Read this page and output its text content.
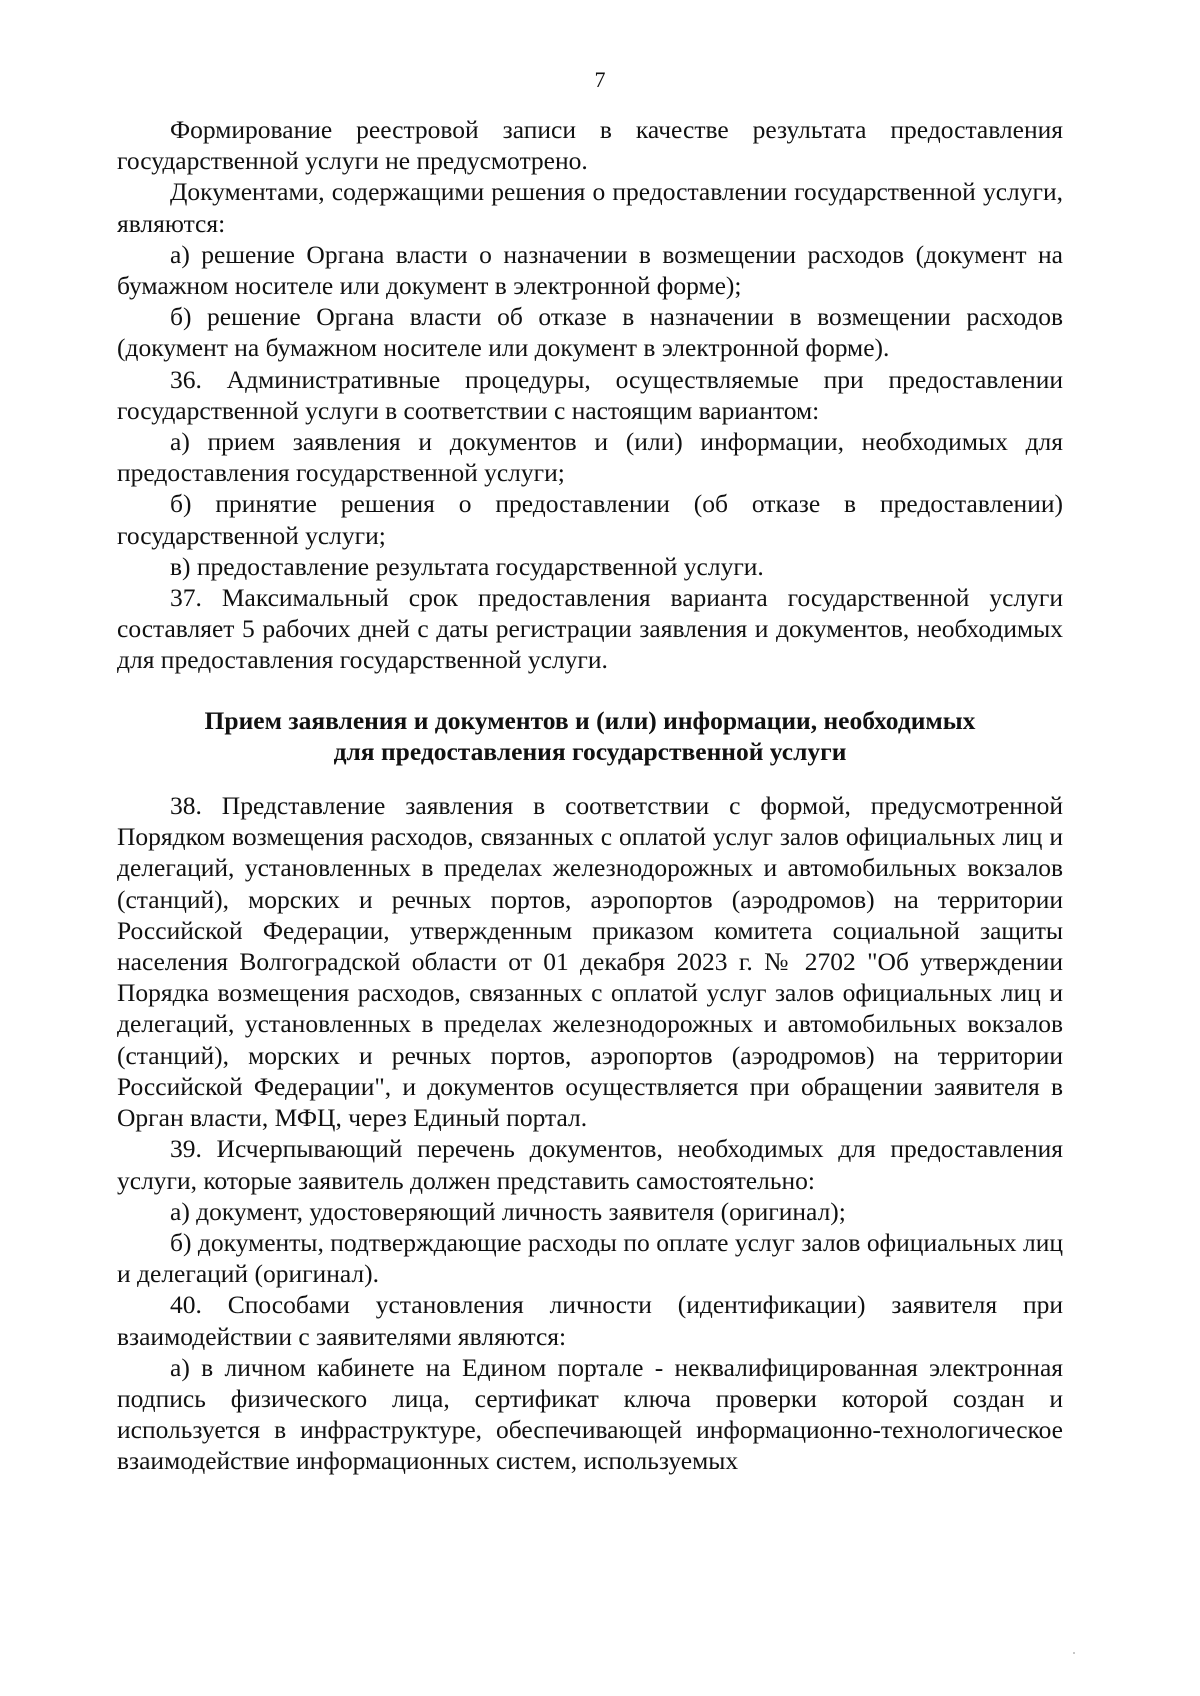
7

Формирование реестровой записи в качестве результата предоставления государственной услуги не предусмотрено.

Документами, содержащими решения о предоставлении государственной услуги, являются:

а) решение Органа власти о назначении в возмещении расходов (документ на бумажном носителе или документ в электронной форме);

б) решение Органа власти об отказе в назначении в возмещении расходов (документ на бумажном носителе или документ в электронной форме).

36. Административные процедуры, осуществляемые при предоставлении государственной услуги в соответствии с настоящим вариантом:

а) прием заявления и документов и (или) информации, необходимых для предоставления государственной услуги;

б) принятие решения о предоставлении (об отказе в предоставлении) государственной услуги;

в) предоставление результата государственной услуги.

37. Максимальный срок предоставления варианта государственной услуги составляет 5 рабочих дней с даты регистрации заявления и документов, необходимых для предоставления государственной услуги.

Прием заявления и документов и (или) информации, необходимых
для предоставления государственной услуги

38. Представление заявления в соответствии с формой, предусмотренной Порядком возмещения расходов, связанных с оплатой услуг залов официальных лиц и делегаций, установленных в пределах железнодорожных и автомобильных вокзалов (станций), морских и речных портов, аэропортов (аэродромов) на территории Российской Федерации, утвержденным приказом комитета социальной защиты населения Волгоградской области от 01 декабря 2023 г. № 2702 "Об утверждении Порядка возмещения расходов, связанных с оплатой услуг залов официальных лиц и делегаций, установленных в пределах железнодорожных и автомобильных вокзалов (станций), морских и речных портов, аэропортов (аэродромов) на территории Российской Федерации", и документов осуществляется при обращении заявителя в Орган власти, МФЦ, через Единый портал.

39. Исчерпывающий перечень документов, необходимых для предоставления услуги, которые заявитель должен представить самостоятельно:

а) документ, удостоверяющий личность заявителя (оригинал);

б) документы, подтверждающие расходы по оплате услуг залов официальных лиц и делегаций (оригинал).

40. Способами установления личности (идентификации) заявителя при взаимодействии с заявителями являются:

а) в личном кабинете на Едином портале - неквалифицированная электронная подпись физического лица, сертификат ключа проверки которой создан и используется в инфраструктуре, обеспечивающей информационно-технологическое взаимодействие информационных систем, используемых
